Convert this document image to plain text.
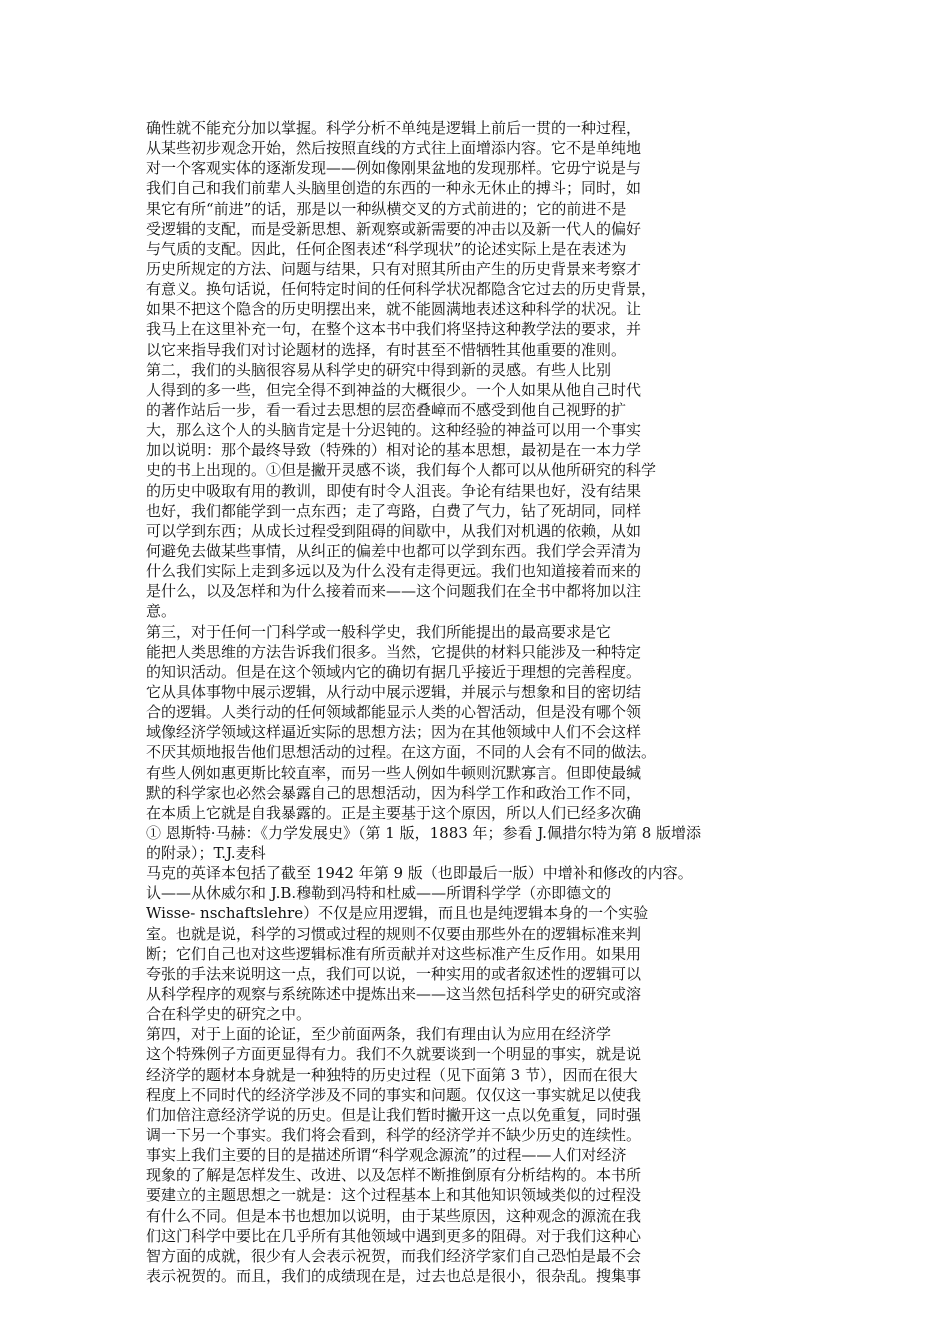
确性就不能充分加以掌握。科学分析不单纯是逻辑上前后一贯的一种过程，
从某些初步观念开始，然后按照直线的方式往上面增添内容。它不是单纯地
对一个客观实体的逐渐发现——例如像刚果盆地的发现那样。它毋宁说是与
我们自己和我们前辈人头脑里创造的东西的一种永无休止的搏斗；同时，如
果它有所“前进”的话，那是以一种纵横交叉的方式前进的；它的前进不是
受逻辑的支配，而是受新思想、新观察或新需要的冲击以及新一代人的偏好
与气质的支配。因此，任何企图表述“科学现状”的论述实际上是在表述为
历史所规定的方法、问题与结果，只有对照其所由产生的历史背景来考察才
有意义。换句话说，任何特定时间的任何科学状况都隐含它过去的历史背景，
如果不把这个隐含的历史明摆出来，就不能圆满地表述这种科学的状况。让
我马上在这里补充一句，在整个这本书中我们将坚持这种教学法的要求，并
以它来指导我们对讨论题材的选择，有时甚至不惜牺牲其他重要的准则。
第二，我们的头脑很容易从科学史的研究中得到新的灵感。有些人比别
人得到的多一些，但完全得不到神益的大概很少。一个人如果从他自己时代
的著作站后一步，看一看过去思想的层峦叠嶂而不感受到他自己视野的扩
大，那么这个人的头脑肯定是十分迟钝的。这种经验的神益可以用一个事实
加以说明：那个最终导致（特殊的）相对论的基本思想，最初是在一本力学
史的书上出现的。①但是撇开灵感不谈，我们每个人都可以从他所研究的科学
的历史中吸取有用的教训，即使有时令人沮丧。争论有结果也好，没有结果
也好，我们都能学到一点东西；走了弯路，白费了气力，钻了死胡同，同样
可以学到东西；从成长过程受到阻碍的间歇中，从我们对机遇的依赖，从如
何避免去做某些事情，从纠正的偏差中也都可以学到东西。我们学会弄清为
什么我们实际上走到多远以及为什么没有走得更远。我们也知道接着而来的
是什么，以及怎样和为什么接着而来——这个问题我们在全书中都将加以注
意。
第三，对于任何一门科学或一般科学史，我们所能提出的最高要求是它
能把人类思维的方法告诉我们很多。当然，它提供的材料只能涉及一种特定
的知识活动。但是在这个领域内它的确切有据几乎接近于理想的完善程度。
它从具体事物中展示逻辑，从行动中展示逻辑，并展示与想象和目的密切结
合的逻辑。人类行动的任何领域都能显示人类的心智活动，但是没有哪个领
域像经济学领域这样逼近实际的思想方法；因为在其他领域中人们不会这样
不厌其烦地报告他们思想活动的过程。在这方面，不同的人会有不同的做法。
有些人例如惠更斯比较直率，而另一些人例如牛顿则沉默寡言。但即使最缄
默的科学家也必然会暴露自己的思想活动，因为科学工作和政治工作不同，
在本质上它就是自我暴露的。正是主要基于这个原因，所以人们已经多次确
① 恩斯特·马赫：《力学发展史》（第 1 版，1883 年；参看 J.佩措尔特为第 8 版增添
的附录）；T.J.麦科
马克的英译本包括了截至 1942 年第 9 版（也即最后一版）中增补和修改的内容。
认——从休威尔和 J.B.穆勒到冯特和杜威——所谓科学学（亦即德文的
Wisse- nschaftslehre）不仅是应用逻辑，而且也是纯逻辑本身的一个实验
室。也就是说，科学的习惯或过程的规则不仅要由那些外在的逻辑标准来判
断；它们自己也对这些逻辑标准有所贡献并对这些标准产生反作用。如果用
夸张的手法来说明这一点，我们可以说，一种实用的或者叙述性的逻辑可以
从科学程序的观察与系统陈述中提炼出来——这当然包括科学史的研究或溶
合在科学史的研究之中。
第四，对于上面的论证，至少前面两条，我们有理由认为应用在经济学
这个特殊例子方面更显得有力。我们不久就要谈到一个明显的事实，就是说
经济学的题材本身就是一种独特的历史过程（见下面第 3 节），因而在很大
程度上不同时代的经济学涉及不同的事实和问题。仅仅这一事实就足以使我
们加倍注意经济学说的历史。但是让我们暂时撇开这一点以免重复，同时强
调一下另一个事实。我们将会看到，科学的经济学并不缺少历史的连续性。
事实上我们主要的目的是描述所谓“科学观念源流”的过程——人们对经济
现象的了解是怎样发生、改进、以及怎样不断推倒原有分析结构的。本书所
要建立的主题思想之一就是：这个过程基本上和其他知识领域类似的过程没
有什么不同。但是本书也想加以说明，由于某些原因，这种观念的源流在我
们这门科学中要比在几乎所有其他领域中遇到更多的阻碍。对于我们这种心
智方面的成就，很少有人会表示祝贺，而我们经济学家们自己恐怕是最不会
表示祝贺的。而且，我们的成绩现在是，过去也总是很小，很杂乱。搜集事
